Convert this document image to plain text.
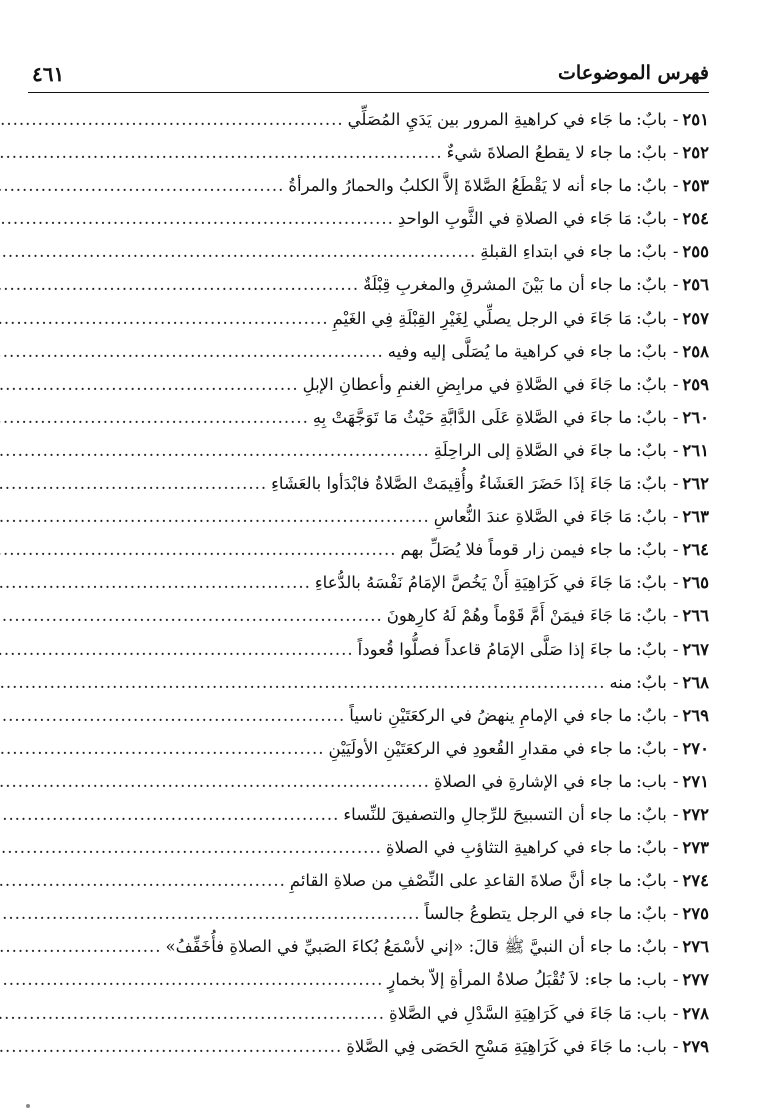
فهرس الموضوعات
٤٦١
٢٥١
-
بابٌ:
ما جَاء في كراهيةِ المرور بين يَدَيِ المُصَلِّي
.....
٢٥٢
-
بابٌ:
ما جاء لا يقطعُ الصلاةَ شيءٌ
.....
٢٥٣
-
بابٌ:
ما جاء أنه لا يَقْطَعُ الصَّلاةَ إلاَّ الكلبُ والحمارُ والمرأةُ
.....
٢٥٤
-
بابٌ:
مَا جَاء في الصلاةِ في الثَّوبِ الواحدِ
.....
٢٥٥
-
بابٌ:
ما جاء في ابتداءِ القبلةِ
.....
٢٥٦
-
بابٌ:
ما جاء أن ما بَيْنَ المشرقِ والمغربِ قِبْلَةٌ
.....
٢٥٧
-
بابٌ:
مَا جَاءَ في الرجل يصلِّي لِغَيْرِ القِبْلَةِ فِي الغَيْمِ
.....
٢٥٨
-
بابٌ:
ما جاء في كراهية ما يُصَلَّى إليه وفيه
.....
٢٥٩
-
بابٌ:
ما جَاءَ في الصَّلاةِ في مرابِضِ الغنمِ وأعطانِ الإبلِ
.....
٢٦٠
-
بابٌ:
ما جاءَ في الصَّلاةِ عَلَى الدَّابَّةِ حَيْثُ مَا تَوَجَّهَتْ بِهِ
.....
٢٦١
-
بابٌ:
ما جاءَ في الصَّلاةِ إلى الراحِلَةِ
.....
٢٦٢
-
بابٌ:
مَا جَاءَ إذَا حَضَرَ العَشَاءُ وأُقِيمَتْ الصَّلاةُ فابْدَأوا بالعَشَاءِ
.....
٢٦٣
-
بابٌ:
مَا جَاءَ في الصَّلاةِ عندَ النُّعاسِ
.....
٢٦٤
-
بابٌ:
ما جاء فيمن زار قوماً فلا يُصَلِّ بهم
.....
٢٦٥
-
بابٌ:
مَا جَاءَ في كَرَاهِيَةِ أَنْ يَخُصَّ الإمَامُ نَفْسَهُ بالدُّعاءِ
.....
٢٦٦
-
بابٌ:
مَا جَاءَ فيمَنْ أَمَّ قَوْماً وهُمْ لَهُ كارِهونَ
.....
٢٦٧
-
بابٌ:
ما جاءَ إذا صَلَّى الإمَامُ قاعداً فصلُّوا قُعوداً
.....
٢٦٨
-
بابٌ:
منه
.....
٢٦٩
-
بابٌ:
ما جاء في الإمامِ ينهضُ في الركعَتَيْنِ ناسياً
.....
٢٧٠
-
بابٌ:
ما جاء في مقدارِ القُعودِ في الركعَتَيْنِ الأولَيَيْنِ
.....
٢٧١
-
باب:
ما جاء في الإشارةِ في الصلاةِ
.....
٢٧٢
-
بابٌ:
ما جاء أن التسبيحَ للرِّجالِ والتصفيقَ للنِّساء
.....
٢٧٣
-
بابٌ:
ما جاء في كراهيةِ التثاؤبِ في الصلاةِ
.....
٢٧٤
-
بابٌ:
ما جاء أنَّ صلاةَ القاعدِ على النِّصْفِ من صلاةِ القائمِ
.....
٢٧٥
-
بابٌ:
ما جاء في الرجل يتطوعُ جالساً
.....
٢٧٦
-
بابٌ:
ما جاء أن النبيَّ ﷺ قالَ: «إني لأسْمَعُ بُكاءَ الصَبيِّ في الصلاةِ فأُخَفِّفُ»
.....
٢٧٧
-
باب:
ما جاء: لاَ تُقْبَلُ صلاةُ المرأةِ إلاّ بخمارٍ
.....
٢٧٨
-
باب:
مَا جَاءَ في كَرَاهِيَةِ السَّدْلِ في الصَّلاةِ
.....
٢٧٩
-
باب:
ما جَاءَ في كَرَاهِيَةِ مَسْحِ الحَصَى فِي الصَّلاةِ
.....
